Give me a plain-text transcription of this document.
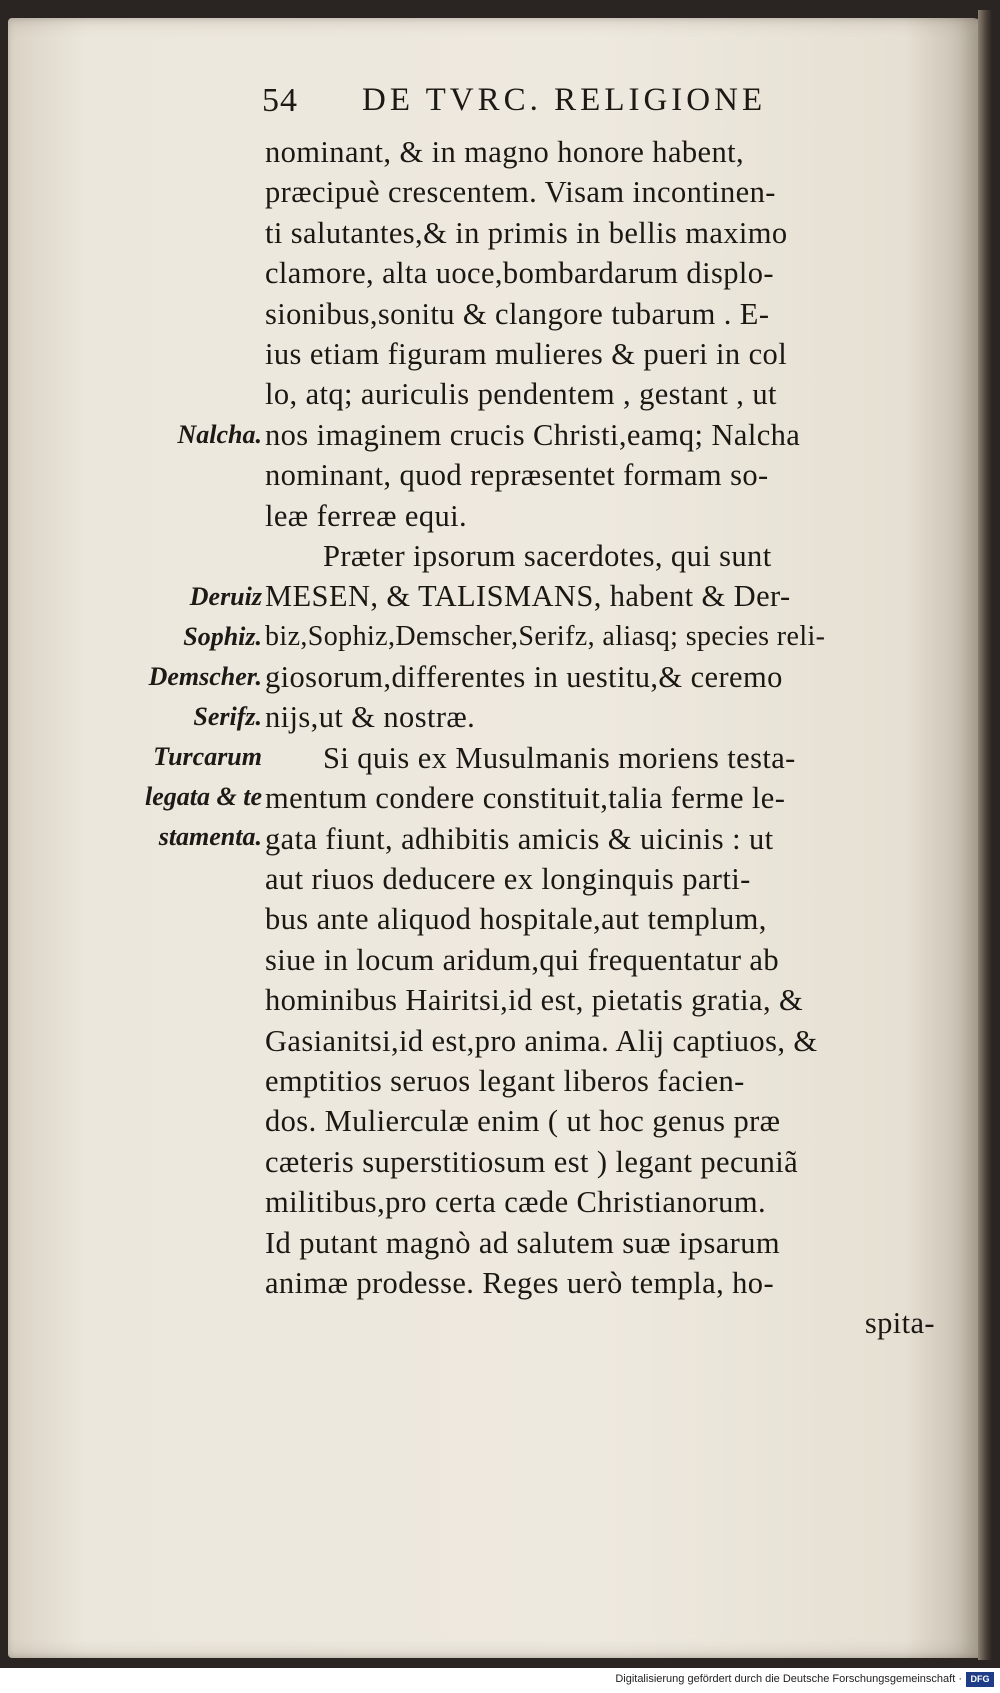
54 DE TVRC. RELIGIONE
Nalcha.
Deruiz
Sophiz.
Demscher.
Serifz.
Turcarum
legata & te
stamenta.
nominant, & in magno honore habent,
præcipuè crescentem. Visam incontinen-
ti salutantes,& in primis in bellis maximo
clamore, alta uoce,bombardarum displo-
sionibus,sonitu & clangore tubarum . E-
ius etiam figuram mulieres & pueri in col
lo, atq; auriculis pendentem , gestant , ut
nos imaginem crucis Christi,eamq; Nalcha
nominant, quod repræsentet formam so-
leæ ferreæ equi.
Præter ipsorum sacerdotes, qui sunt
MESEN, & TALISMANS, habent & Der-
biz,Sophiz,Demscher,Serifz, aliasq; species reli-
giosorum,differentes in uestitu,& ceremo
nijs,ut & nostræ.
Si quis ex Musulmanis moriens testa-
mentum condere constituit,talia ferme le-
gata fiunt, adhibitis amicis & uicinis : ut
aut riuos deducere ex longinquis parti-
bus ante aliquod hospitale,aut templum,
siue in locum aridum,qui frequentatur ab
hominibus Hairitsi,id est, pietatis gratia, &
Gasianitsi,id est,pro anima. Alij captiuos, &
emptitios seruos legant liberos facien-
dos. Mulierculæ enim ( ut hoc genus præ
cæteris superstitiosum est ) legant pecuniã
militibus,pro certa cæde Christianorum.
Id putant magnò ad salutem suæ ipsarum
animæ prodesse. Reges uerò templa, ho-
spita-
Digitalisierung gefördert durch die Deutsche Forschungsgemeinschaft · DFG
